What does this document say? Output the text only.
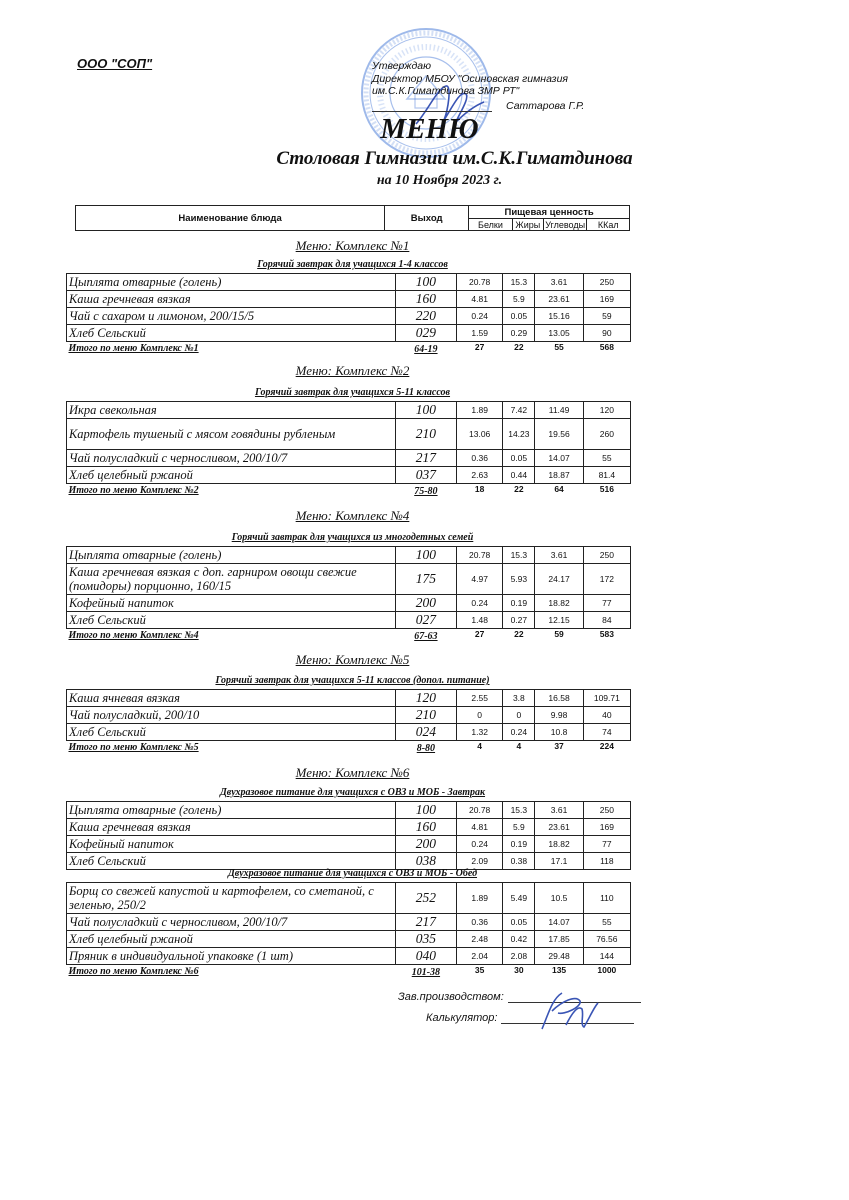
ООО "СОП"	Утверждаю
Директор МБОУ "Осиновская гимназия
им.С.К.Гиматдинова ЗМР РТ"
Саттарова Г.Р.
МЕНЮ
Столовая Гимназии им.С.К.Гиматдинова
на 10 Ноября 2023 г.
Наименование блюда	Выход	Пищевая ценность			
		Белки	Жиры	Углеводы	ККал
Меню: Комплекс №1
Горячий завтрак для учащихся 1-4 классов
Цыплята отварные (голень)	100	20.78	15.3	3.61	250
Каша гречневая вязкая	160	4.81	5.9	23.61	169
Чай с сахаром и лимоном, 200/15/5	220	0.24	0.05	15.16	59
Хлеб Сельский	029	1.59	0.29	13.05	90
Итого по меню Комплекс №1	64-19	27	22	55	568
Меню: Комплекс №2
Горячий завтрак для учащихся 5-11 классов
Икра свекольная	100	1.89	7.42	11.49	120
Картофель тушеный с мясом говядины рубленым	210	13.06	14.23	19.56	260
Чай полусладкий с черносливом, 200/10/7	217	0.36	0.05	14.07	55
Хлеб целебный ржаной	037	2.63	0.44	18.87	81.4
Итого по меню Комплекс №2	75-80	18	22	64	516
Меню: Комплекс №4
Горячий завтрак для учащихся из многодетных семей
Цыплята отварные (голень)	100	20.78	15.3	3.61	250
Каша гречневая вязкая с доп. гарниром овощи свежие (помидоры) порционно, 160/15	175	4.97	5.93	24.17	172
Кофейный напиток	200	0.24	0.19	18.82	77
Хлеб Сельский	027	1.48	0.27	12.15	84
Итого по меню Комплекс №4	67-63	27	22	59	583
Меню: Комплекс №5
Горячий завтрак для учащихся 5-11 классов (допол. питание)
Каша ячневая вязкая	120	2.55	3.8	16.58	109.71
Чай полусладкий, 200/10	210	0	0	9.98	40
Хлеб Сельский	024	1.32	0.24	10.8	74
Итого по меню Комплекс №5	8-80	4	4	37	224
Меню: Комплекс №6
Двухразовое питание для учащихся с ОВЗ и МОБ - Завтрак
Цыплята отварные (голень)	100	20.78	15.3	3.61	250
Каша гречневая вязкая	160	4.81	5.9	23.61	169
Кофейный напиток	200	0.24	0.19	18.82	77
Хлеб Сельский	038	2.09	0.38	17.1	118
Двухразовое питание для учащихся с ОВЗ и МОБ - Обед
Борщ со свежей капустой и картофелем, со сметаной, с зеленью, 250/2	252	1.89	5.49	10.5	110
Чай полусладкий с черносливом, 200/10/7	217	0.36	0.05	14.07	55
Хлеб целебный ржаной	035	2.48	0.42	17.85	76.56
Пряник в индивидуальной упаковке (1 шт)	040	2.04	2.08	29.48	144
Итого по меню Комплекс №6	101-38	35	30	135	1000
Зав.производством:
Калькулятор:
